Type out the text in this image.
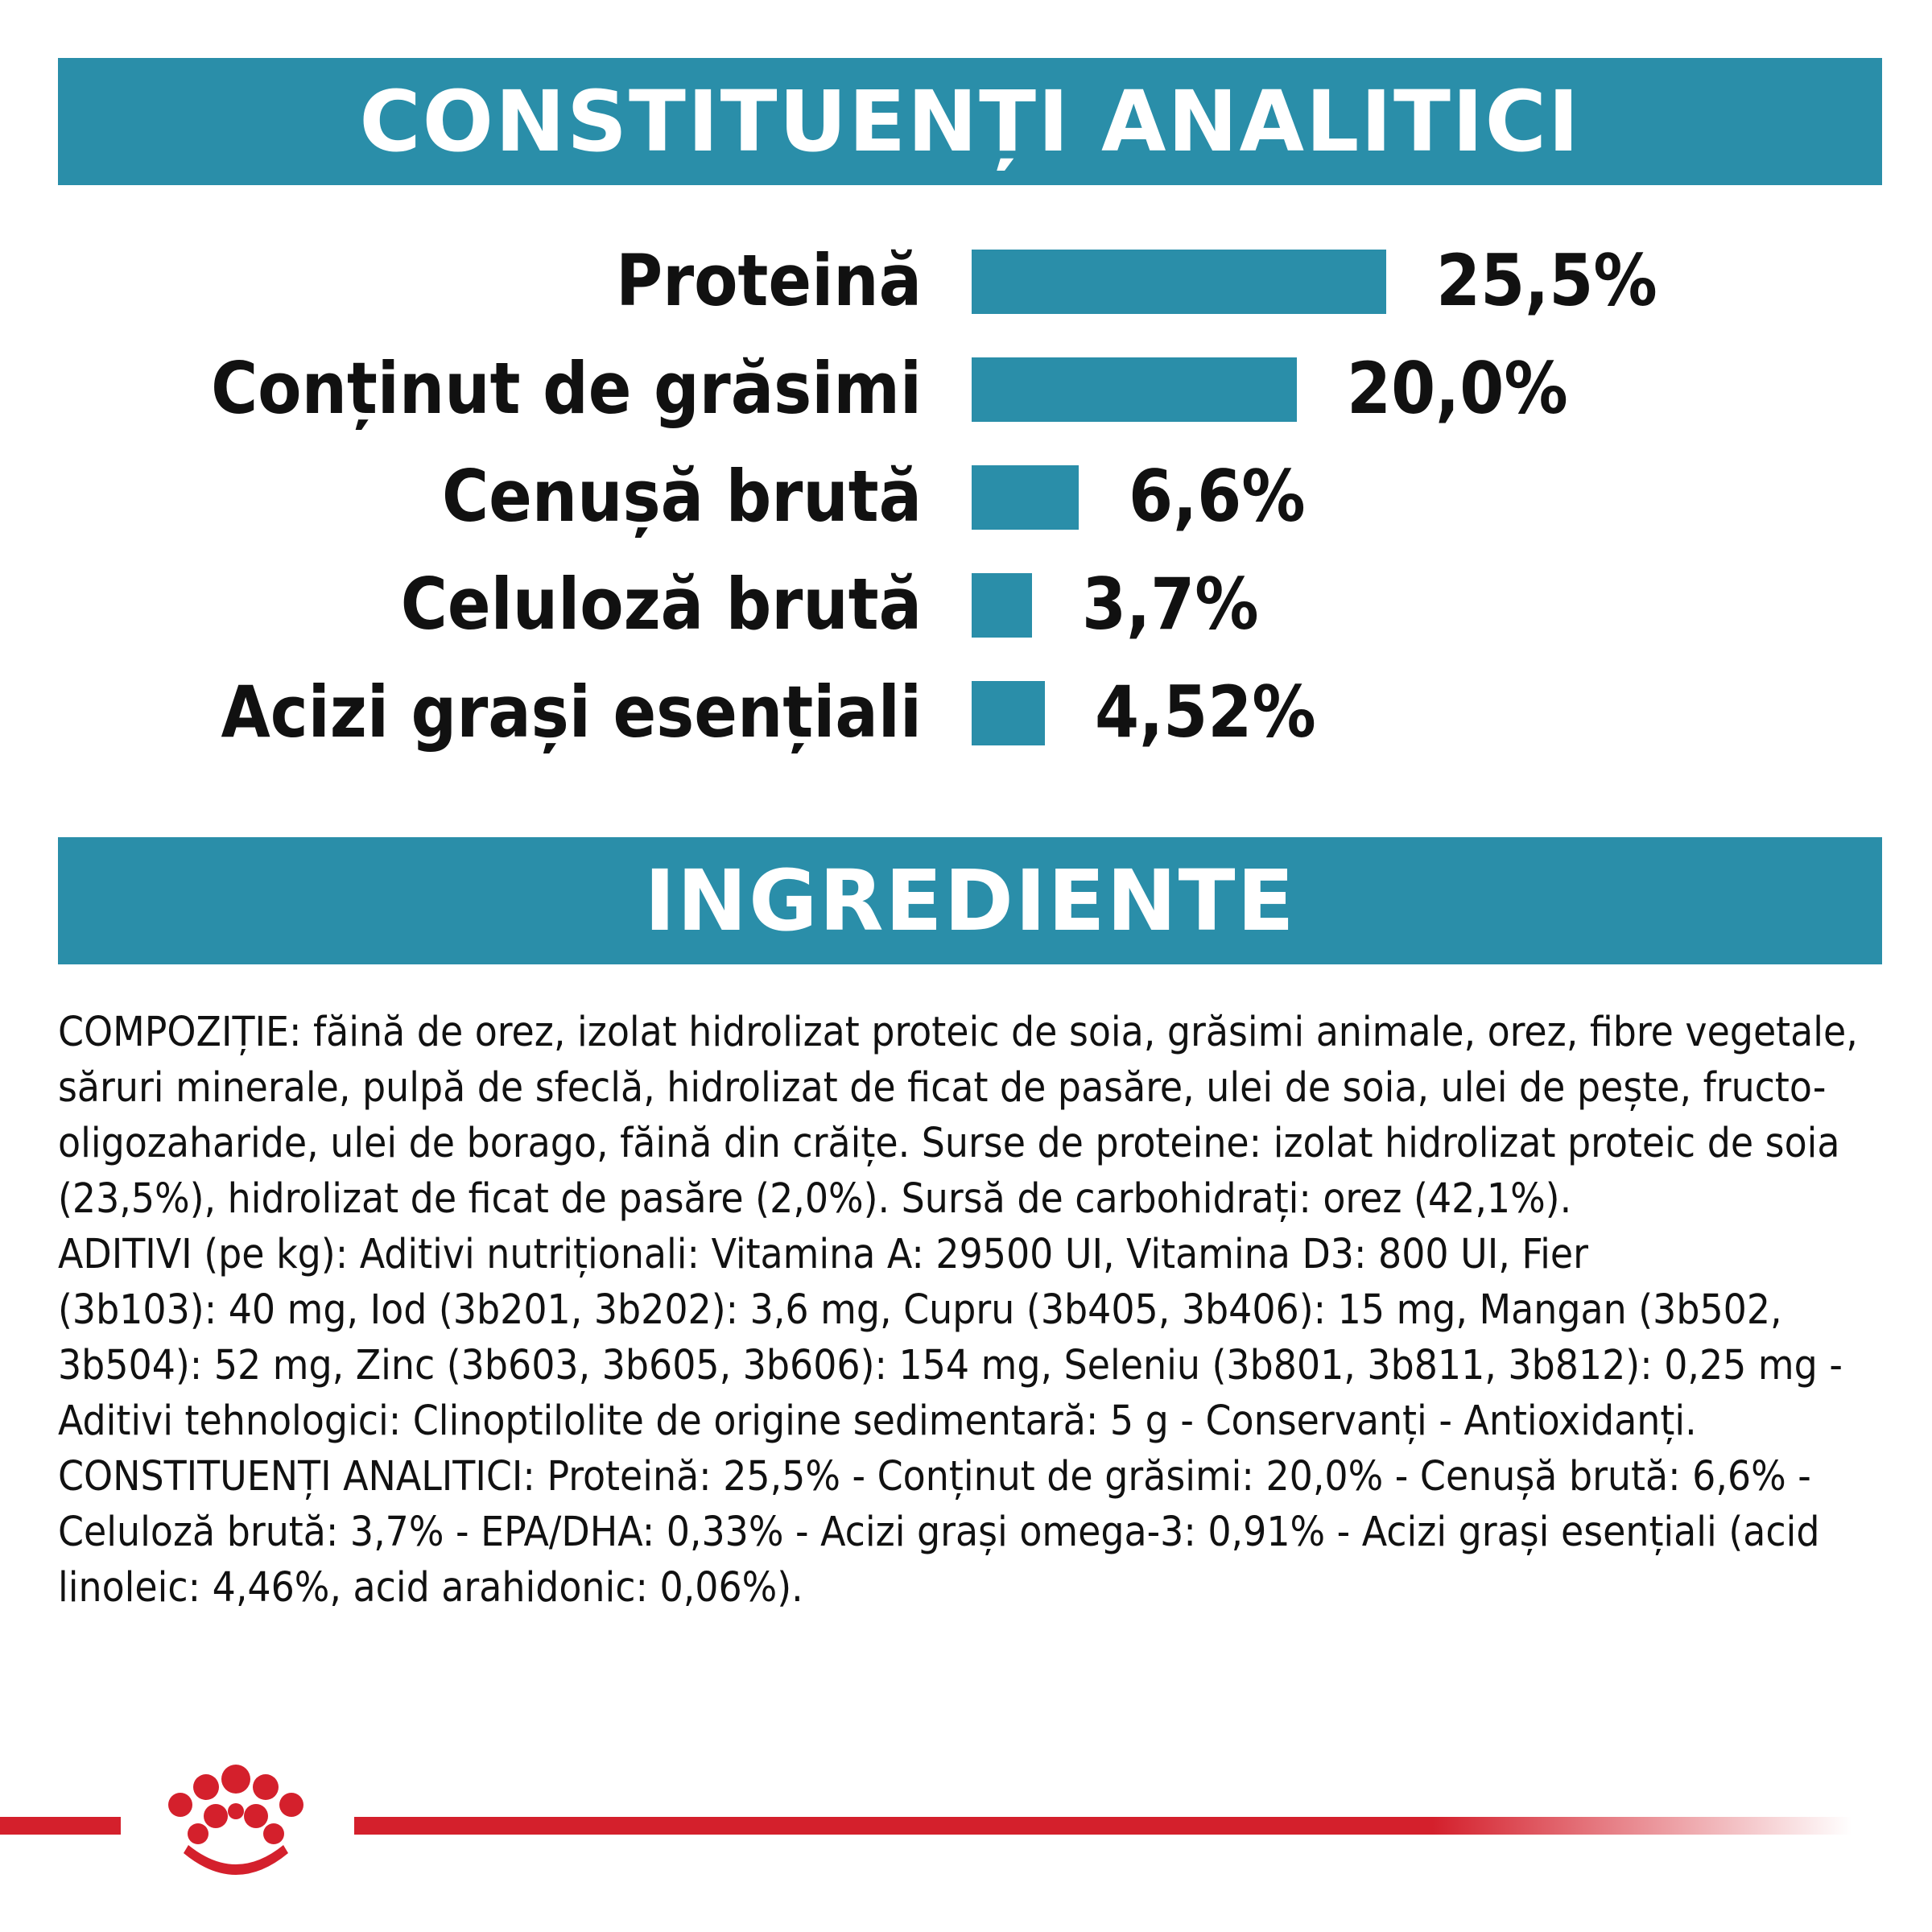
CONSTITUENȚI ANALITICI
Proteină	25,5%
Conținut de grăsimi	20,0%
Cenușă brută	6,6%
Celuloză brută 3,7%
Acizi grași esențiali 4,52%
INGREDIENTE

COMPOZIȚIE: făină de orez, izolat hidrolizat proteic de soia, grăsimi animale, orez, fibre vegetale,
săruri minerale, pulpă de sfeclă, hidrolizat de ficat de pasăre, ulei de soia, ulei de pește, fructo-
oligozaharide, ulei de borago, făină din crăițe. Surse de proteine: izolat hidrolizat proteic de soia
(23,5%), hidrolizat de ficat de pasăre (2,0%). Sursă de carbohidrați: orez (42,1%).
ADITIVI (pe kg): Aditivi nutriționali: Vitamina A: 29500 UI, Vitamina D3: 800 UI, Fier
(3b103): 40 mg, Iod (3b201, 3b202): 3,6 mg, Cupru (3b405, 3b406): 15 mg, Mangan (3b502,
3b504): 52 mg, Zinc (3b603, 3b605, 3b606): 154 mg, Seleniu (3b801, 3b811, 3b812): 0,25 mg -
Aditivi tehnologici: Clinoptilolite de origine sedimentară: 5 g - Conservanți - Antioxidanți.
CONSTITUENȚI ANALITICI: Proteină: 25,5% - Conținut de grăsimi: 20,0% - Cenușă brută: 6,6% -
Celuloză brută: 3,7% - EPA/DHA: 0,33% - Acizi grași omega-3: 0,91% - Acizi grași esențiali (acid
linoleic: 4,46%, acid arahidonic: 0,06%).
